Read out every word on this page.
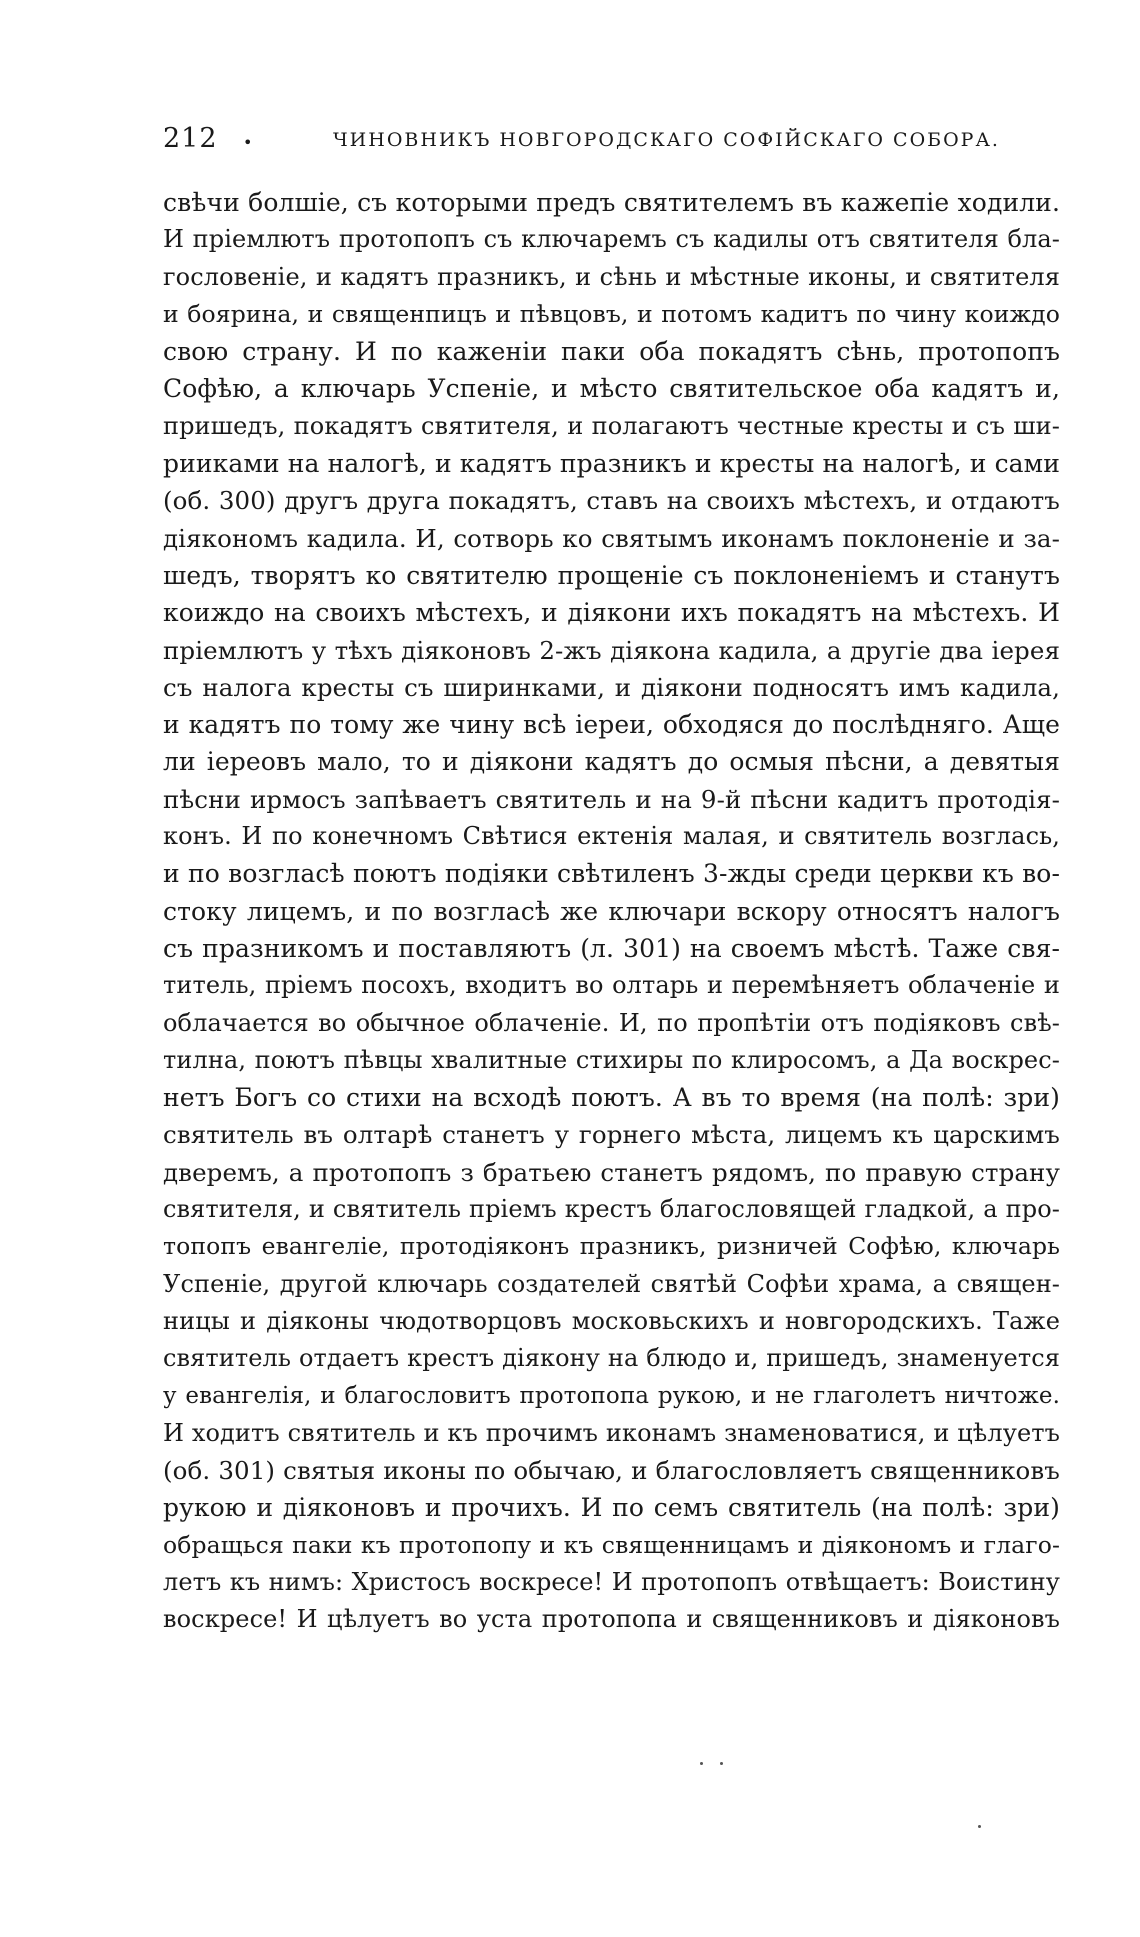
212 •	ЧИНОВНИКЪ НОВГОРОДСКАГО СОФІЙСКАГО СОБОРА.
свѣчи болшіе, съ которыми предъ святителемъ въ кажепіе ходили.
И пріемлютъ протопопъ съ ключаремъ съ кадилы отъ святителя бла-
гословеніе, и кадятъ празникъ, и сѣнь и мѣстные иконы, и святителя
и боярина, и священпицъ и пѣвцовъ, и потомъ кадитъ по чину коиждо
свою страну. И по каженіи паки оба покадятъ сѣнь, протопопъ
Софѣю, а ключарь Успеніе, и мѣсто святительское оба кадятъ и,
пришедъ, покадятъ святителя, и полагаютъ честные кресты и съ ши-
рииками на налогѣ, и кадятъ празникъ и кресты на налогѣ, и сами
(об. 300) другъ друга покадятъ, ставъ на своихъ мѣстехъ, и отдаютъ
діякономъ кадила. И, сотворь ко святымъ иконамъ поклоненіе и за-
шедъ, творятъ ко святителю прощеніе съ поклоненіемъ и станутъ
коиждо на своихъ мѣстехъ, и діякони ихъ покадятъ на мѣстехъ. И
пріемлютъ у тѣхъ діяконовъ 2-жъ діякона кадила, а другіе два іерея
съ налога кресты съ ширинками, и діякони подносятъ имъ кадила,
и кадятъ по тому же чину всѣ іереи, обходяся до послѣдняго. Аще
ли іереовъ мало, то и діякони кадятъ до осмыя пѣсни, а девятыя
пѣсни ирмосъ запѣваетъ святитель и на 9-й пѣсни кадитъ протодія-
конъ. И по конечномъ Свѣтися ектенія малая, и святитель возглась,
и по возгласѣ поютъ подіяки свѣтиленъ 3-жды среди церкви къ во-
стоку лицемъ, и по возгласѣ же ключари вскору относятъ налогъ
съ празникомъ и поставляютъ (л. 301) на своемъ мѣстѣ. Таже свя-
титель, пріемъ посохъ, входитъ во олтарь и перемѣняетъ облаченіе и
облачается во обычное облаченіе. И, по пропѣтіи отъ подіяковъ свѣ-
тилна, поютъ пѣвцы хвалитные стихиры по клиросомъ, а Да воскрес-
нетъ Богъ со стихи на всходѣ поютъ. А въ то время (на полѣ: зри)
святитель въ олтарѣ станетъ у горнего мѣста, лицемъ къ царскимъ
дверемъ, а протопопъ з братьею станетъ рядомъ, по правую страну
святителя, и святитель пріемъ крестъ благословящей гладкой, а про-
топопъ евангеліе, протодіяконъ празникъ, ризничей Софѣю, ключарь
Успеніе, другой ключарь создателей святѣй Софѣи храма, а священ-
ницы и діяконы чюдотворцовъ московьскихъ и новгородскихъ. Таже
святитель отдаетъ крестъ діякону на блюдо и, пришедъ, знаменуется
у евангелія, и благословитъ протопопа рукою, и не глаголетъ ничтоже.
И ходитъ святитель и къ прочимъ иконамъ знаменоватися, и цѣлуетъ
(об. 301) святыя иконы по обычаю, и благословляетъ священниковъ
рукою и діяконовъ и прочихъ. И по семъ святитель (на полѣ: зри)
обращься паки къ протопопу и къ священницамъ и діякономъ и глаго-
летъ къ нимъ: Христосъ воскресе! И протопопъ отвѣщаетъ: Воистину
воскресе! И цѣлуетъ во уста протопопа и священниковъ и діяконовъ
